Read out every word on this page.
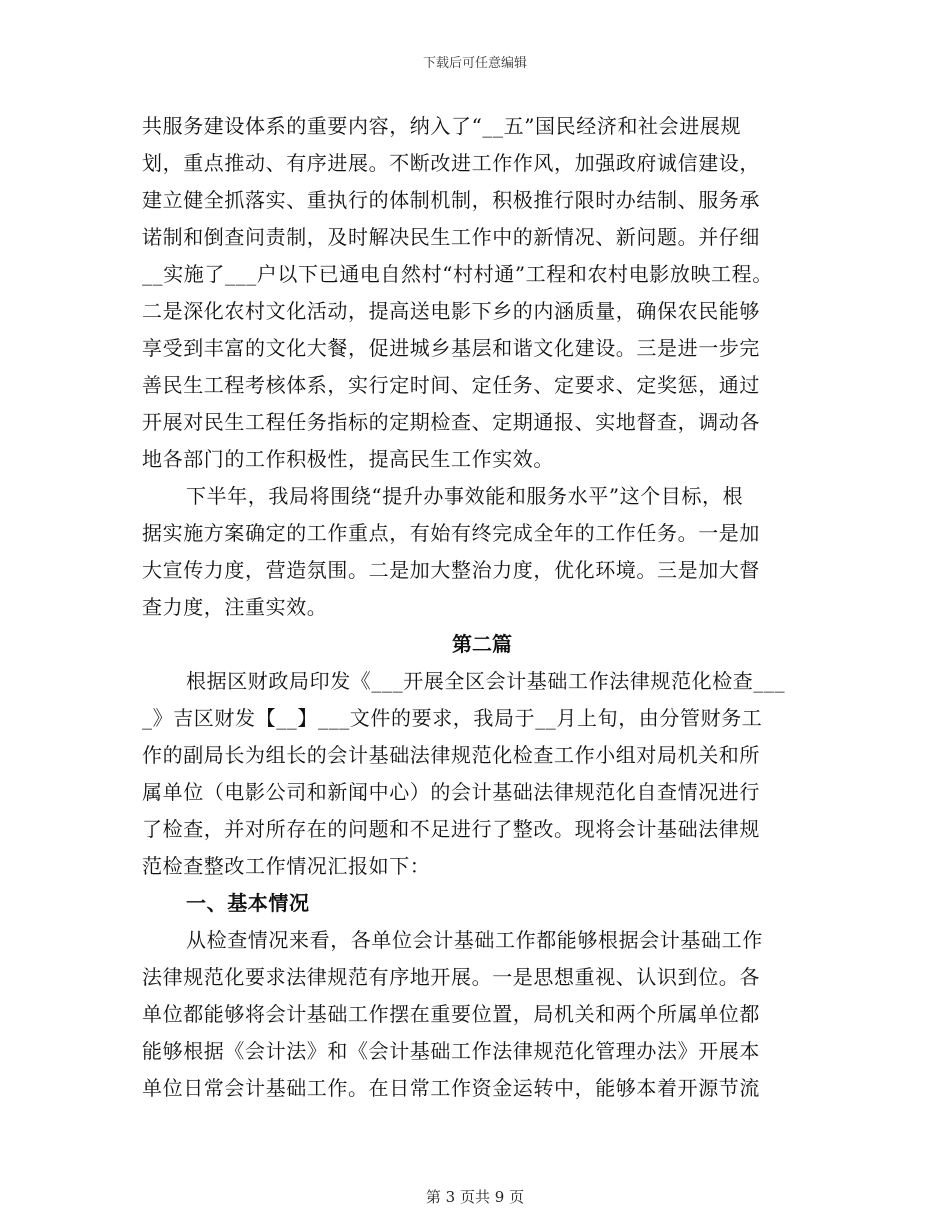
下载后可任意编辑
共服务建设体系的重要内容，纳入了“__五”国民经济和社会进展规
划，重点推动、有序进展。不断改进工作作风，加强政府诚信建设，
建立健全抓落实、重执行的体制机制，积极推行限时办结制、服务承
诺制和倒查问责制，及时解决民生工作中的新情况、新问题。并仔细
__实施了___户以下已通电自然村“村村通”工程和农村电影放映工程。
二是深化农村文化活动，提高送电影下乡的内涵质量，确保农民能够
享受到丰富的文化大餐，促进城乡基层和谐文化建设。三是进一步完
善民生工程考核体系，实行定时间、定任务、定要求、定奖惩，通过
开展对民生工程任务指标的定期检查、定期通报、实地督查，调动各
地各部门的工作积极性，提高民生工作实效。
下半年，我局将围绕“提升办事效能和服务水平”这个目标，根
据实施方案确定的工作重点，有始有终完成全年的工作任务。一是加
大宣传力度，营造氛围。二是加大整治力度，优化环境。三是加大督
查力度，注重实效。
第二篇
根据区财政局印发《___开展全区会计基础工作法律规范化检查___
_》吉区财发【__】___文件的要求，我局于__月上旬，由分管财务工
作的副局长为组长的会计基础法律规范化检查工作小组对局机关和所
属单位（电影公司和新闻中心）的会计基础法律规范化自查情况进行
了检查，并对所存在的问题和不足进行了整改。现将会计基础法律规
范检查整改工作情况汇报如下：
一、基本情况
从检查情况来看，各单位会计基础工作都能够根据会计基础工作
法律规范化要求法律规范有序地开展。一是思想重视、认识到位。各
单位都能够将会计基础工作摆在重要位置，局机关和两个所属单位都
能够根据《会计法》和《会计基础工作法律规范化管理办法》开展本
单位日常会计基础工作。在日常工作资金运转中，能够本着开源节流
第 3 页共 9 页
